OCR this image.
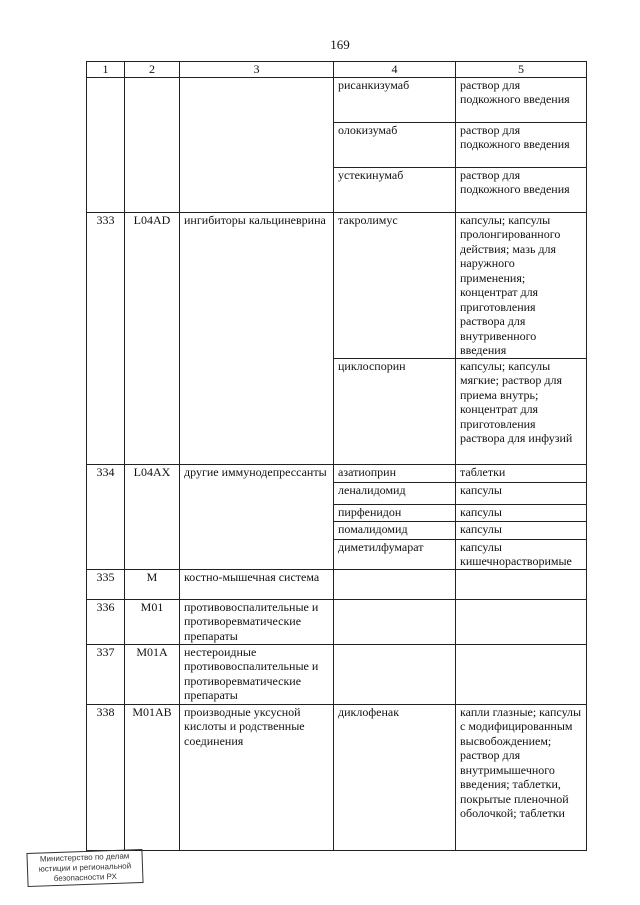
169
1	2	3	4	5
			рисанкизумаб	раствор для подкожного введения
			олокизумаб	раствор для подкожного введения
			устекинумаб	раствор для подкожного введения
333	L04AD	ингибиторы кальциневрина	такролимус	капсулы; капсулы пролонгированного действия; мазь для наружного применения; концентрат для приготовления раствора для внутривенного введения
			циклоспорин	капсулы; капсулы мягкие; раствор для приема внутрь; концентрат для приготовления раствора для инфузий
334	L04AX	другие иммунодепрессанты	азатиоприн	таблетки
			леналидомид	капсулы
			пирфенидон	капсулы
			помалидомид	капсулы
			диметилфумарат	капсулы кишечнорастворимые
335	M	костно-мышечная система		
336	M01	противовоспалительные и противоревматические препараты		
337	M01A	нестероидные противовоспалительные и противоревматические препараты		
338	M01AB	производные уксусной кислоты и родственные соединения	диклофенак	капли глазные; капсулы с модифицированным высвобождением; раствор для внутримышечного введения; таблетки, покрытые пленочной оболочкой; таблетки
Министерство по делам
юстиции и региональной
безопасности РХ
